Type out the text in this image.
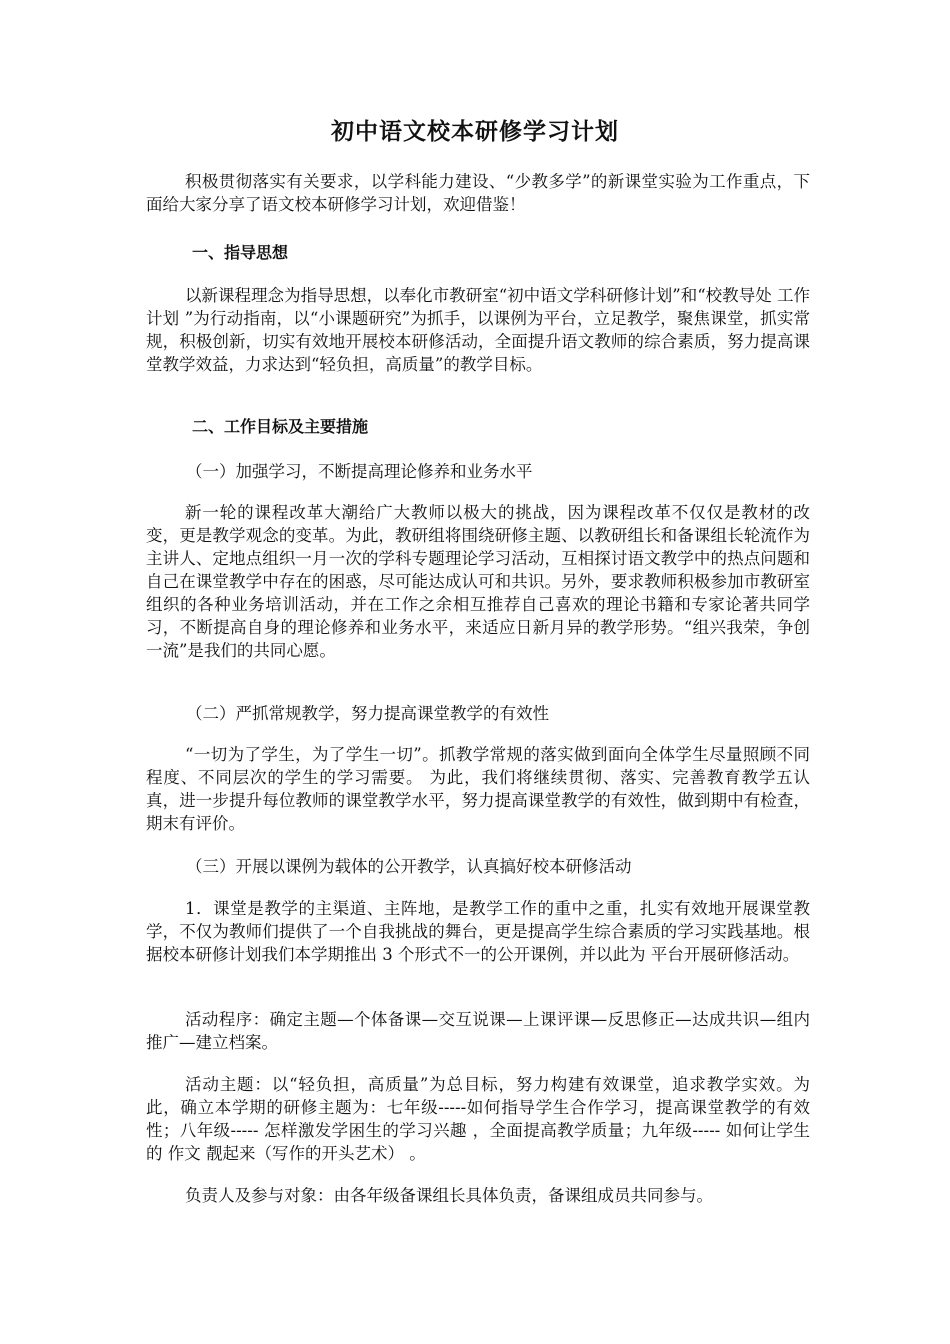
初中语文校本研修学习计划
积极贯彻落实有关要求，以学科能力建设、“少教多学”的新课堂实验为工作重点，下面给大家分享了语文校本研修学习计划，欢迎借鉴！
一、指导思想
以新课程理念为指导思想，以奉化市教研室“初中语文学科研修计划”和“校教导处 工作计划 ”为行动指南，以“小课题研究”为抓手，以课例为平台，立足教学，聚焦课堂，抓实常规，积极创新，切实有效地开展校本研修活动，全面提升语文教师的综合素质，努力提高课堂教学效益，力求达到“轻负担，高质量”的教学目标。
二、工作目标及主要措施
（一）加强学习，不断提高理论修养和业务水平
新一轮的课程改革大潮给广大教师以极大的挑战，因为课程改革不仅仅是教材的改变，更是教学观念的变革。为此，教研组将围绕研修主题、以教研组长和备课组长轮流作为主讲人、定地点组织一月一次的学科专题理论学习活动，互相探讨语文教学中的热点问题和自己在课堂教学中存在的困惑，尽可能达成认可和共识。另外，要求教师积极参加市教研室组织的各种业务培训活动，并在工作之余相互推荐自己喜欢的理论书籍和专家论著共同学习，不断提高自身的理论修养和业务水平，来适应日新月异的教学形势。“组兴我荣，争创一流”是我们的共同心愿。
（二）严抓常规教学，努力提高课堂教学的有效性
“一切为了学生，为了学生一切”。抓教学常规的落实做到面向全体学生尽量照顾不同程度、不同层次的学生的学习需要。 为此，我们将继续贯彻、落实、完善教育教学五认真，进一步提升每位教师的课堂教学水平，努力提高课堂教学的有效性，做到期中有检查，期末有评价。
（三）开展以课例为载体的公开教学，认真搞好校本研修活动
1．课堂是教学的主渠道、主阵地，是教学工作的重中之重，扎实有效地开展课堂教学，不仅为教师们提供了一个自我挑战的舞台，更是提高学生综合素质的学习实践基地。根据校本研修计划我们本学期推出 3 个形式不一的公开课例，并以此为 平台开展研修活动。
活动程序：确定主题—个体备课—交互说课—上课评课—反思修正—达成共识—组内推广—建立档案。
活动主题：以“轻负担，高质量”为总目标，努力构建有效课堂，追求教学实效。为此，确立本学期的研修主题为：七年级-----如何指导学生合作学习，提高课堂教学的有效性；八年级----- 怎样激发学困生的学习兴趣 ，全面提高教学质量；九年级----- 如何让学生的 作文 靓起来（写作的开头艺术） 。
负责人及参与对象：由各年级备课组长具体负责，备课组成员共同参与。
